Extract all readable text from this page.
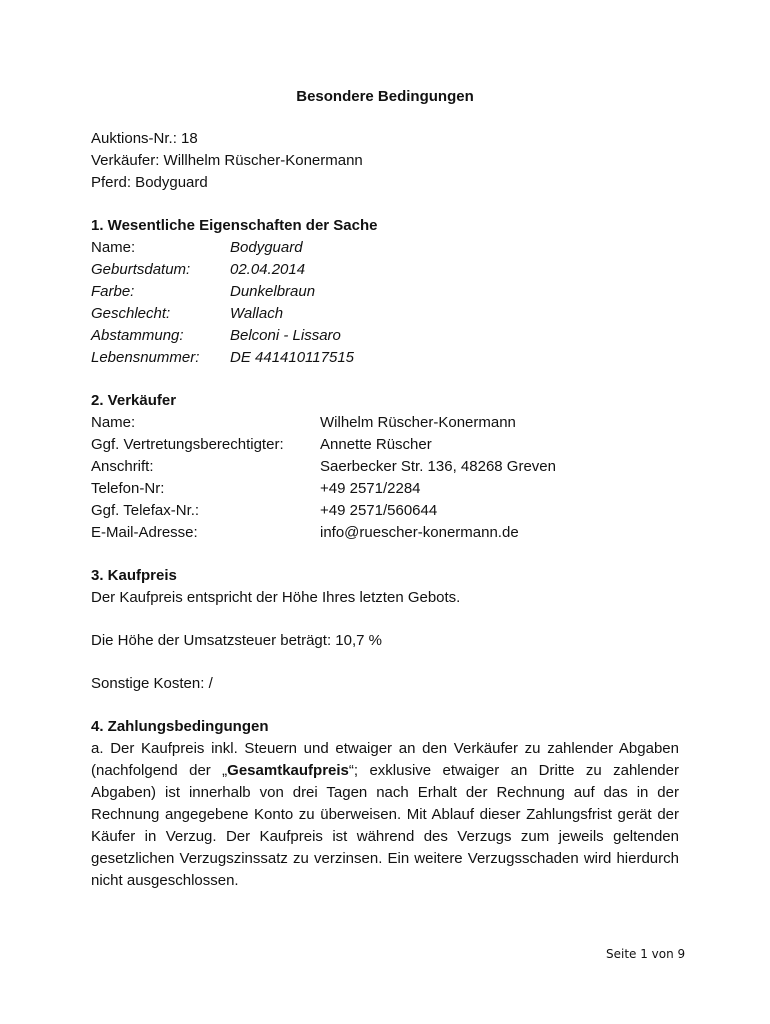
Besondere Bedingungen
Auktions-Nr.: 18
Verkäufer: Willhelm Rüscher-Konermann
Pferd: Bodyguard
1. Wesentliche Eigenschaften der Sache
Name:	Bodyguard
Geburtsdatum:	02.04.2014
Farbe:	Dunkelbraun
Geschlecht:	Wallach
Abstammung:	Belconi - Lissaro
Lebensnummer:	DE 441410117515
2. Verkäufer
Name:	Wilhelm Rüscher-Konermann
Ggf. Vertretungsberechtigter:	Annette Rüscher
Anschrift:	Saerbecker Str. 136, 48268 Greven
Telefon-Nr:	+49 2571/2284
Ggf. Telefax-Nr.:	+49 2571/560644
E-Mail-Adresse:	info@ruescher-konermann.de
3. Kaufpreis
Der Kaufpreis entspricht der Höhe Ihres letzten Gebots.
Die Höhe der Umsatzsteuer beträgt: 10,7 %
Sonstige Kosten: /
4. Zahlungsbedingungen
a. Der Kaufpreis inkl. Steuern und etwaiger an den Verkäufer zu zahlender Abgaben (nachfolgend der „Gesamtkaufpreis“; exklusive etwaiger an Dritte zu zahlender Abgaben) ist innerhalb von drei Tagen nach Erhalt der Rechnung auf das in der Rechnung angegebene Konto zu überweisen. Mit Ablauf dieser Zahlungsfrist gerät der Käufer in Verzug. Der Kaufpreis ist während des Verzugs zum jeweils geltenden gesetzlichen Verzugszinssatz zu verzinsen. Ein weitere Verzugsschaden wird hierdurch nicht ausgeschlossen.
Seite 1 von 9
